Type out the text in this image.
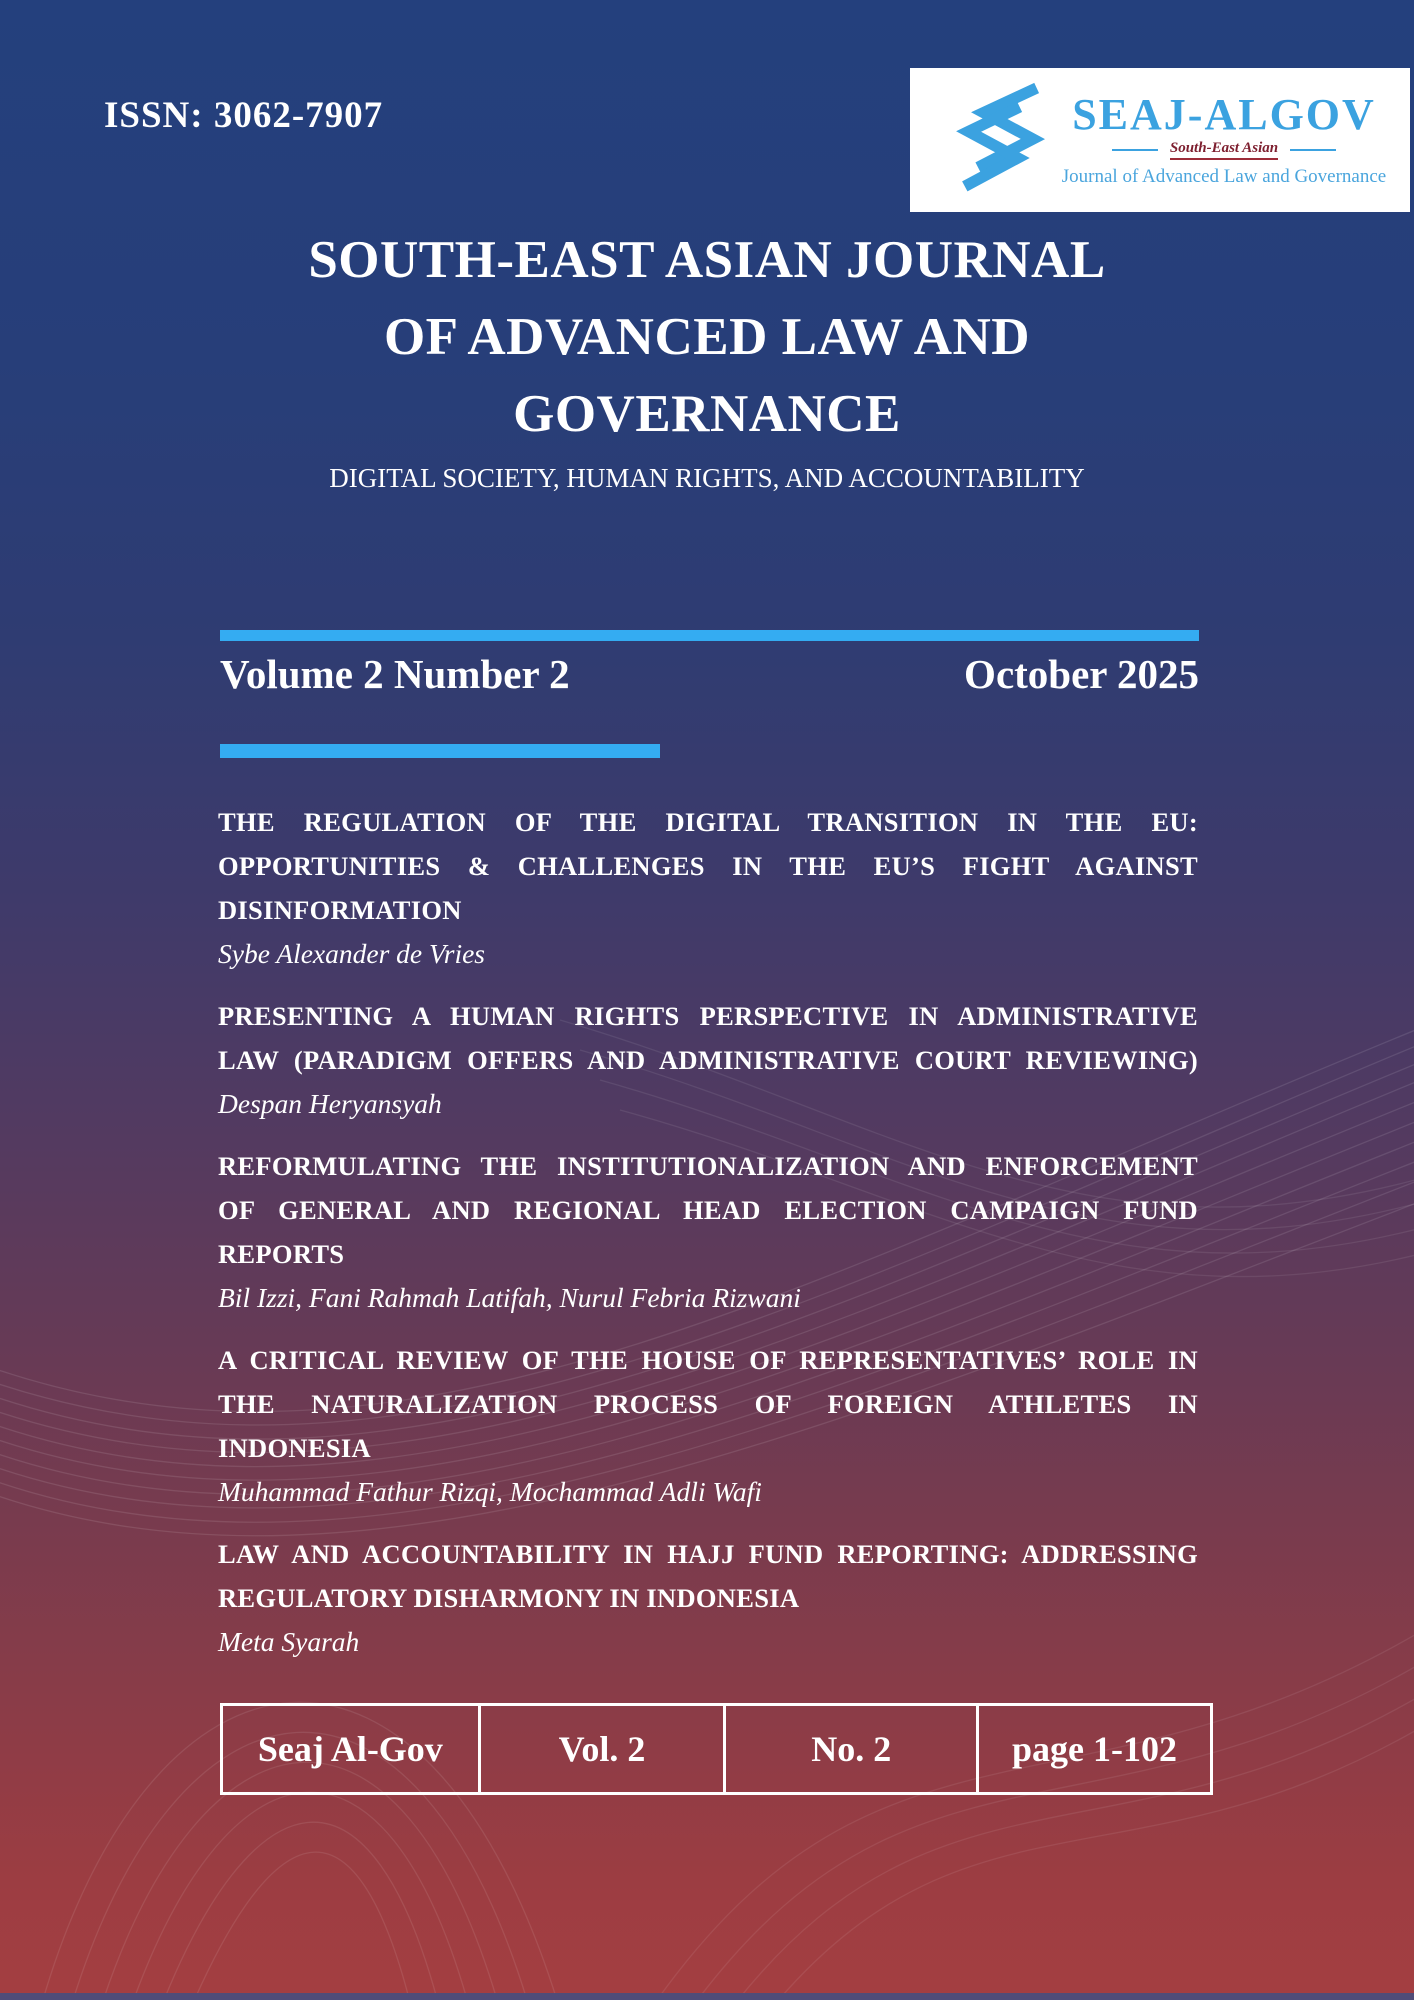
ISSN: 3062-7907	SEAJ-ALGOV
South-East Asian
Journal of Advanced Law and Governance
SOUTH-EAST ASIAN JOURNAL
OF ADVANCED LAW AND
GOVERNANCE
DIGITAL SOCIETY, HUMAN RIGHTS, AND ACCOUNTABILITY
Volume 2 Number 2	October 2025
THE REGULATION OF THE DIGITAL TRANSITION IN THE EU:
OPPORTUNITIES & CHALLENGES IN THE EU’S FIGHT AGAINST
DISINFORMATION
Sybe Alexander de Vries
PRESENTING A HUMAN RIGHTS PERSPECTIVE IN ADMINISTRATIVE
LAW (PARADIGM OFFERS AND ADMINISTRATIVE COURT REVIEWING)
Despan Heryansyah
REFORMULATING THE INSTITUTIONALIZATION AND ENFORCEMENT
OF GENERAL AND REGIONAL HEAD ELECTION CAMPAIGN FUND
REPORTS
Bil Izzi, Fani Rahmah Latifah, Nurul Febria Rizwani
A CRITICAL REVIEW OF THE HOUSE OF REPRESENTATIVES’ ROLE IN
THE NATURALIZATION PROCESS OF FOREIGN ATHLETES IN
INDONESIA
Muhammad Fathur Rizqi, Mochammad Adli Wafi
LAW AND ACCOUNTABILITY IN HAJJ FUND REPORTING: ADDRESSING
REGULATORY DISHARMONY IN INDONESIA
Meta Syarah
Seaj Al-Gov	Vol. 2	No. 2	page 1-102
